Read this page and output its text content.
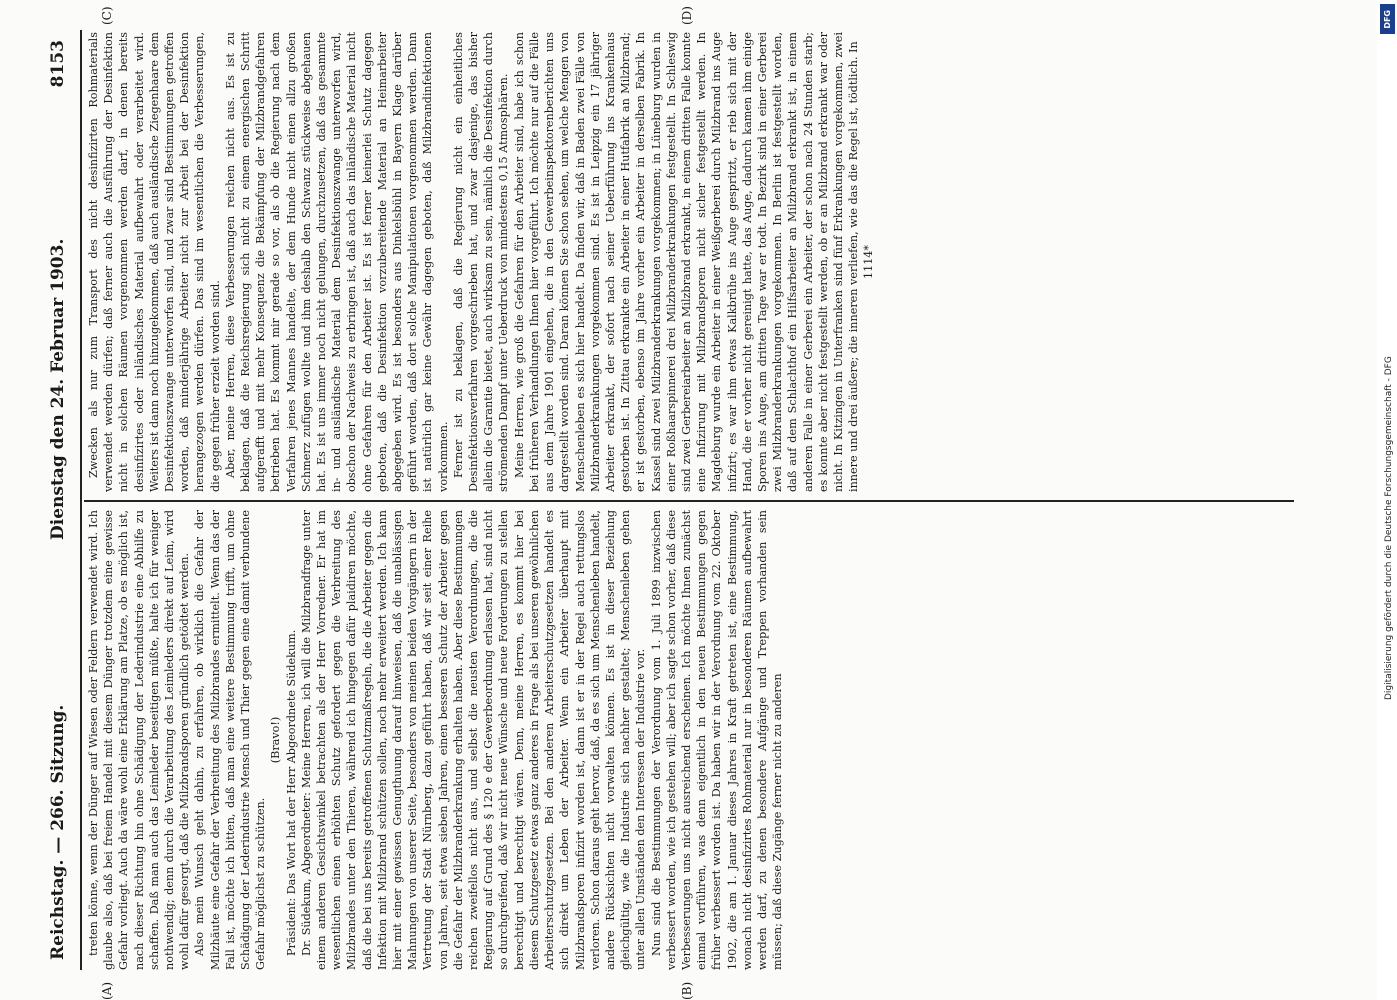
Reichstag. — 266. Sitzung.
Dienstag den 24. Februar 1903.
8153

treten könne, wenn der Dünger auf Wiesen oder Feldern verwendet wird. Ich glaube also, daß bei freiem Handel mit diesem Dünger trotzdem eine gewisse Gefahr vorliegt. Auch da wäre wohl eine Erklärung am Platze, ob es möglich ist, nach dieser Richtung hin ohne Schädigung der Lederindustrie eine Abhilfe zu schaffen. Daß man auch das Leimleder beseitigen müßte, halte ich für weniger nothwendig; denn durch die Verarbeitung des Leimleders direkt auf Leim, wird wohl dafür gesorgt, daß die Milzbrandsporen gründlich getödtet werden. Also mein Wunsch geht dahin, zu erfahren, ob wirklich die Gefahr der Milzhäute eine Gefahr der Verbreitung des Milzbrandes ermittelt. Wenn das der Fall ist, möchte ich bitten, daß man eine weitere Bestimmung trifft, um ohne Schädigung der Lederindustrie Mensch und Thier gegen eine damit verbundene Gefahr möglichst zu schützen.

(Bravo!) Präsident: Das Wort hat der Herr Abgeordnete Südekum. Dr. Südekum, Abgeordneter: Meine Herren, ich will die Milzbrandfrage unter einem anderen Gesichtswinkel betrachten als der Herr Vorredner. Er hat im wesentlichen einen erhöhten Schutz gefordert gegen die Verbreitung des Milzbrandes unter den Thieren, während ich hingegen dafür plaidiren möchte, daß die bei uns bereits getroffenen Schutzmaßregeln, die die Arbeiter gegen die Infektion mit Milzbrand schützen sollen, noch mehr erweitert werden. Ich kann hier mit einer gewissen Genugthuung darauf hinweisen, daß die unablässigen Mahnungen von unserer Seite, besonders von meinen beiden Vorgängern in der Vertretung der Stadt Nürnberg, dazu geführt haben, daß wir seit einer Reihe von Jahren, seit etwa sieben Jahren, einen besseren Schutz der Arbeiter gegen die Gefahr der Milzbranderkrankung erhalten haben. Aber diese Bestimmungen reichen zweifellos nicht aus, und selbst die neusten Verordnungen, die die Regierung auf Grund des § 120 e der Gewerbeordnung erlassen hat, sind nicht so durchgreifend, daß wir nicht neue Wünsche und neue Forderungen zu stellen berechtigt und berechtigt wären. Denn, meine Herren, es kommt hier bei diesem Schutzgesetz etwas ganz anderes in Frage als bei unseren gewöhnlichen Arbeiterschutzgesetzen. Bei den anderen Arbeiterschutzgesetzen handelt es sich direkt um Leben der Arbeiter. Wenn ein Arbeiter überhaupt mit Milzbrandsporen infizirt worden ist, dann ist er in der Regel auch rettungslos verloren. Schon daraus geht hervor, daß, da es sich um Menschenleben handelt, andere Rücksichten nicht vorwalten können. Es ist in dieser Beziehung gleichgültig, wie die Industrie sich nachher gestaltet; Menschenleben gehen unter allen Umständen den Interessen der Industrie vor. Nun sind die Bestimmungen der Verordnung vom 1. Juli 1899 inzwischen verbessert worden, wie ich gestehen will; aber ich sagte schon vorher, daß diese Verbesserungen uns nicht ausreichend erscheinen. Ich möchte Ihnen zunächst einmal vorführen, was denn eigentlich in den neuen Bestimmungen gegen früher verbessert worden ist. Da haben wir in der Verordnung vom 22. Oktober 1902, die am 1. Januar dieses Jahres in Kraft getreten ist, eine Bestimmung, wonach nicht desinfizirtes Rohmaterial nur in besonderen Räumen aufbewahrt werden darf, zu denen besondere Aufgänge und Treppen vorhanden sein müssen; daß diese Zugänge ferner nicht zu anderen

Zwecken als nur zum Transport des nicht desinfizirten Rohmaterials verwendet werden dürfen; daß ferner auch die Ausführung der Desinfektion nicht in solchen Räumen vorgenommen werden darf, in denen bereits desinfizirtes oder inländisches Material aufbewahrt oder verarbeitet wird. Weiters ist dann noch hinzugekommen, daß auch ausländische Ziegenhaare dem Desinfektionszwange unterworfen sind, und zwar sind Bestimmungen getroffen worden, daß minderjährige Arbeiter nicht zur Arbeit bei der Desinfektion herangezogen werden dürfen. Das sind im wesentlichen die Verbesserungen, die gegen früher erzielt worden sind. Aber, meine Herren, diese Verbesserungen reichen nicht aus. Es ist zu beklagen, daß die Reichsregierung sich nicht zu einem energischen Schritt aufgerafft und mit mehr Konsequenz die Bekämpfung der Milzbrandgefahren betrieben hat. Es kommt mir gerade so vor, als ob die Regierung nach dem Verfahren jenes Mannes handelte, der dem Hunde nicht einen allzu großen Schmerz zufügen wollte und ihm deshalb den Schwanz stückweise abgehauen hat. Es ist uns immer noch nicht gelungen, durchzusetzen, daß das gesammte in- und ausländische Material dem Desinfektionszwange unterworfen wird, obschon der Nachweis zu erbringen ist, daß auch das inländische Material nicht ohne Gefahren für den Arbeiter ist. Es ist ferner keinerlei Schutz dagegen geboten, daß die Desinfektion vorzubereitende Material an Heimarbeiter abgegeben wird. Es ist besonders aus Dinkelsbühl in Bayern Klage darüber geführt worden, daß dort solche Manipulationen vorgenommen werden. Dann ist natürlich gar keine Gewähr dagegen geboten, daß Milzbrandinfektionen vorkommen. Ferner ist zu beklagen, daß die Regierung nicht ein einheitliches Desinfektionsverfahren vorgeschrieben hat, und zwar dasjenige, das bisher allein die Garantie bietet, auch wirksam zu sein, nämlich die Desinfektion durch strömenden Dampf unter Ueberdruck von mindestens 0,15 Atmosphären. Meine Herren, wie groß die Gefahren für den Arbeiter sind, habe ich schon bei früheren Verhandlungen Ihnen hier vorgeführt. Ich möchte nur auf die Fälle aus dem Jahre 1901 eingehen, die in den Gewerbeinspektorenberichten uns dargestellt worden sind. Daran können Sie schon sehen, um welche Mengen von Menschenleben es sich hier handelt. Da finden wir, daß in Baden zwei Fälle von Milzbranderkrankungen vorgekommen sind. Es ist in Leipzig ein 17 jähriger Arbeiter erkrankt, der sofort nach seiner Ueberführung ins Krankenhaus gestorben ist. In Zittau erkrankte ein Arbeiter in einer Hutfabrik an Milzbrand; er ist gestorben, ebenso im Jahre vorher ein Arbeiter in derselben Fabrik. In Kassel sind zwei Milzbranderkrankungen vorgekommen; in Lüneburg wurden in einer Roßhaarspinnerei drei Milzbranderkrankungen festgestellt. In Schleswig sind zwei Gerbereiarbeiter an Milzbrand erkrankt, in einem dritten Falle konnte eine Infizirung mit Milzbrandsporen nicht sicher festgestellt werden. In Magdeburg wurde ein Arbeiter in einer Weißgerberei durch Milzbrand ins Auge infizirt; es war ihm etwas Kalkbrühe ins Auge gespritzt, er rieb sich mit der Hand, die er vorher nicht gereinigt hatte, das Auge, dadurch kamen ihm einige Sporen ins Auge, am dritten Tage war er todt. In Bezirk sind in einer Gerberei zwei Milzbranderkrankungen vorgekommen. In Berlin ist festgestellt worden, daß auf dem Schlachthof ein Hilfsarbeiter an Milzbrand erkrankt ist, in einem anderen Falle in einer Gerberei ein Arbeiter, der schon nach 24 Stunden starb; es konnte aber nicht festgestellt werden, ob er an Milzbrand erkrankt war oder nicht. In Kitzingen in Unterfranken sind fünf Erkrankungen vorgekommen, zwei innere und drei äußere; die inneren verliefen, wie das die Regel ist, tödtlich. In 1114*

(A)	(B)
(C)	(D)	DFG
Digitalisierung gefördert durch die Deutsche Forschungsgemeinschaft - DFG
